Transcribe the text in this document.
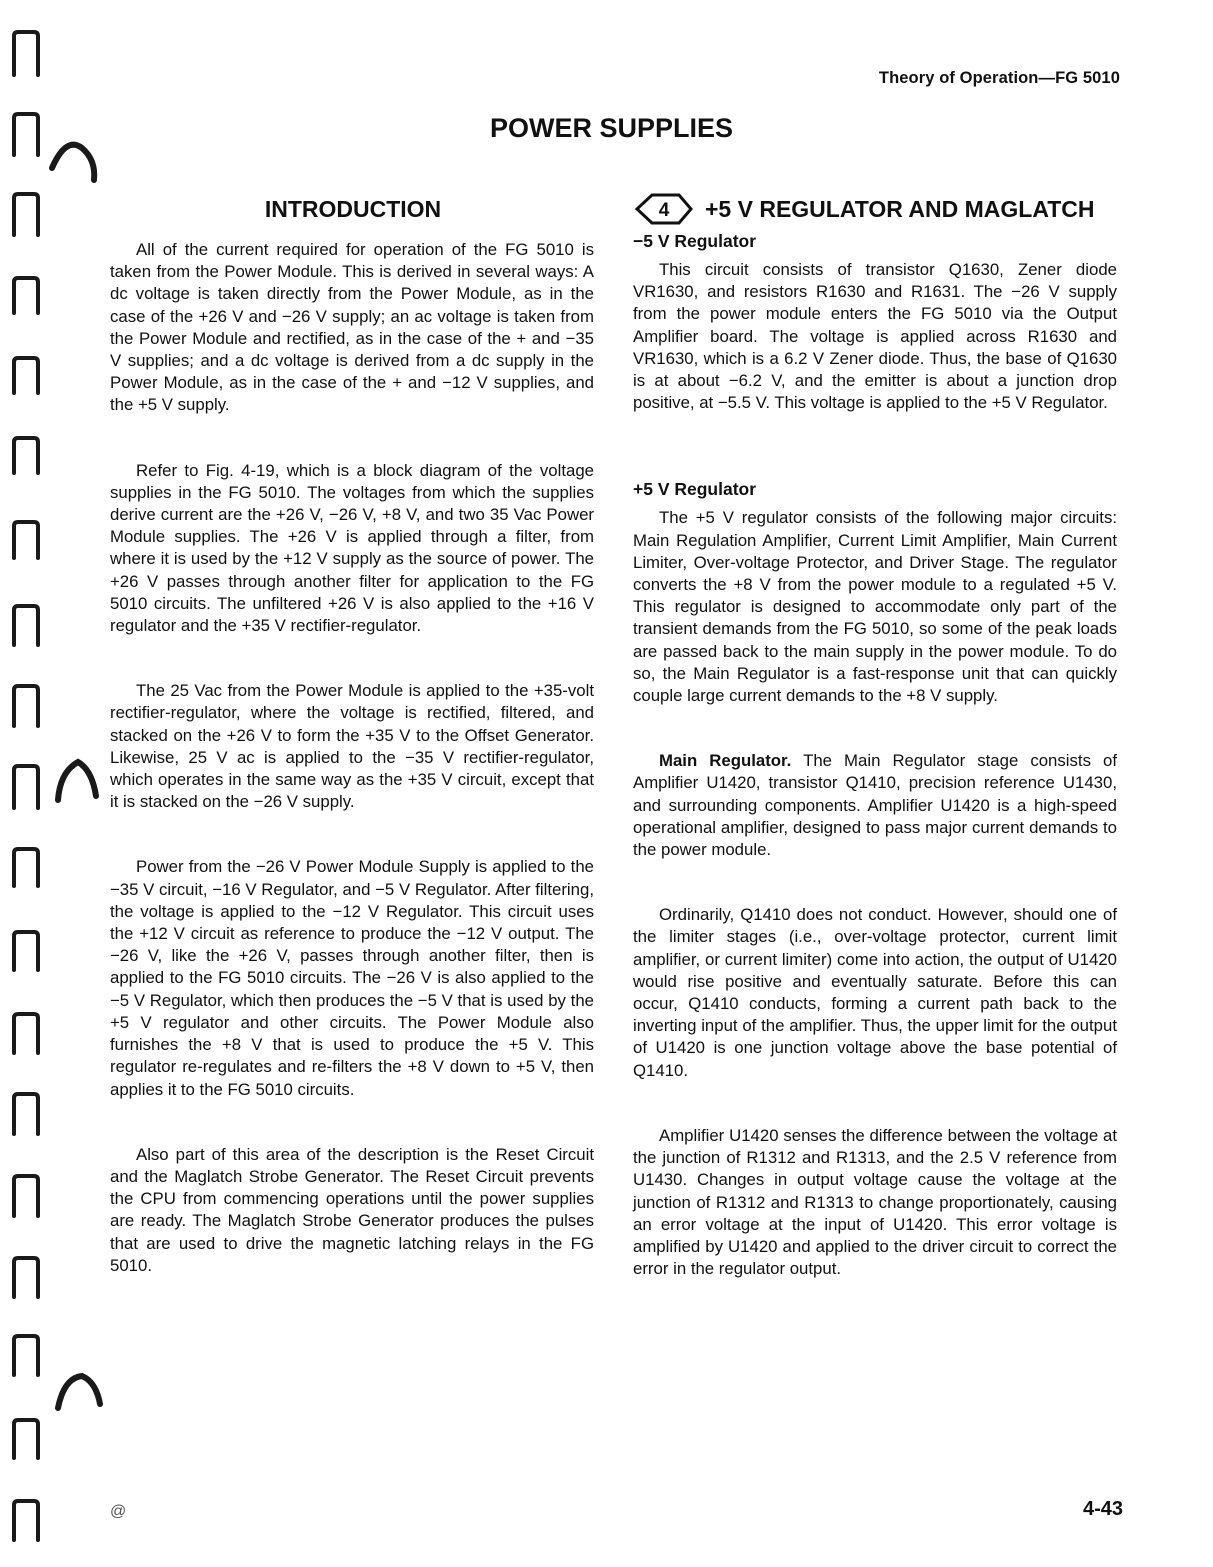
Theory of Operation—FG 5010
POWER SUPPLIES
INTRODUCTION

All of the current required for operation of the FG 5010 is taken from the Power Module. This is derived in several ways: A dc voltage is taken directly from the Power Module, as in the case of the +26 V and −26 V supply; an ac voltage is taken from the Power Module and rectified, as in the case of the + and −35 V supplies; and a dc voltage is derived from a dc supply in the Power Module, as in the case of the + and −12 V supplies, and the +5 V supply.

Refer to Fig. 4-19, which is a block diagram of the voltage supplies in the FG 5010. The voltages from which the supplies derive current are the +26 V, −26 V, +8 V, and two 35 Vac Power Module supplies. The +26 V is applied through a filter, from where it is used by the +12 V supply as the source of power. The +26 V passes through another filter for application to the FG 5010 circuits. The unfiltered +26 V is also applied to the +16 V regulator and the +35 V rectifier-regulator.

The 25 Vac from the Power Module is applied to the +35-volt rectifier-regulator, where the voltage is rectified, filtered, and stacked on the +26 V to form the +35 V to the Offset Generator. Likewise, 25 V ac is applied to the −35 V rectifier-regulator, which operates in the same way as the +35 V circuit, except that it is stacked on the −26 V supply.

Power from the −26 V Power Module Supply is applied to the −35 V circuit, −16 V Regulator, and −5 V Regulator. After filtering, the voltage is applied to the −12 V Regulator. This circuit uses the +12 V circuit as reference to produce the −12 V output. The −26 V, like the +26 V, passes through another filter, then is applied to the FG 5010 circuits. The −26 V is also applied to the −5 V Regulator, which then produces the −5 V that is used by the +5 V regulator and other circuits. The Power Module also furnishes the +8 V that is used to produce the +5 V. This regulator re-regulates and re-filters the +8 V down to +5 V, then applies it to the FG 5010 circuits.

Also part of this area of the description is the Reset Circuit and the Maglatch Strobe Generator. The Reset Circuit prevents the CPU from commencing operations until the power supplies are ready. The Maglatch Strobe Generator produces the pulses that are used to drive the magnetic latching relays in the FG 5010.

4 +5 V REGULATOR AND MAGLATCH
−5 V Regulator

This circuit consists of transistor Q1630, Zener diode VR1630, and resistors R1630 and R1631. The −26 V supply from the power module enters the FG 5010 via the Output Amplifier board. The voltage is applied across R1630 and VR1630, which is a 6.2 V Zener diode. Thus, the base of Q1630 is at about −6.2 V, and the emitter is about a junction drop positive, at −5.5 V. This voltage is applied to the +5 V Regulator.

+5 V Regulator

The +5 V regulator consists of the following major circuits: Main Regulation Amplifier, Current Limit Amplifier, Main Current Limiter, Over-voltage Protector, and Driver Stage. The regulator converts the +8 V from the power module to a regulated +5 V. This regulator is designed to accommodate only part of the transient demands from the FG 5010, so some of the peak loads are passed back to the main supply in the power module. To do so, the Main Regulator is a fast-response unit that can quickly couple large current demands to the +8 V supply.

Main Regulator. The Main Regulator stage consists of Amplifier U1420, transistor Q1410, precision reference U1430, and surrounding components. Amplifier U1420 is a high-speed operational amplifier, designed to pass major current demands to the power module.

Ordinarily, Q1410 does not conduct. However, should one of the limiter stages (i.e., over-voltage protector, current limit amplifier, or current limiter) come into action, the output of U1420 would rise positive and eventually saturate. Before this can occur, Q1410 conducts, forming a current path back to the inverting input of the amplifier. Thus, the upper limit for the output of U1420 is one junction voltage above the base potential of Q1410.

Amplifier U1420 senses the difference between the voltage at the junction of R1312 and R1313, and the 2.5 V reference from U1430. Changes in output voltage cause the voltage at the junction of R1312 and R1313 to change proportionately, causing an error voltage at the input of U1420. This error voltage is amplified by U1420 and applied to the driver circuit to correct the error in the regulator output.

@	4-43
